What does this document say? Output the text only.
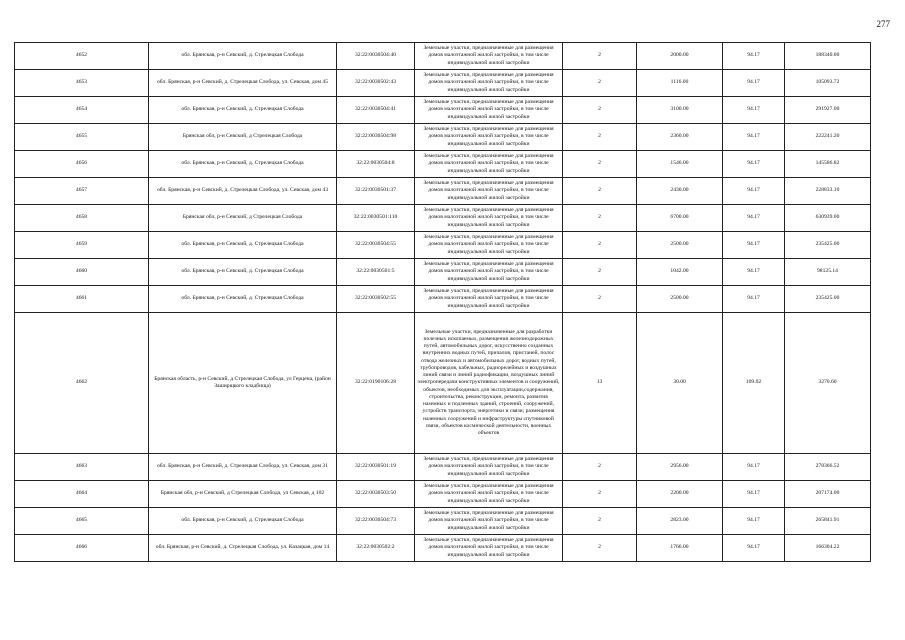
277
4652	обл. Брянская, р-н Севский, д. Стрелецкая Слобода	32:22:0030504:40	Земельные участки, предназначенные для размещения домов малоэтажной жилой застройки, в том числе индивидуальной жилой застройки	2	2000.00	94.17	188340.00
4653	обл. Брянская, р-н Севский, д. Стрелецкая Слобода, ул. Севская, дом 45	32:22:0030502:43	Земельные участки, предназначенные для размещения домов малоэтажной жилой застройки, в том числе индивидуальной жилой застройки	2	1116.00	94.17	105093.72
4654	обл. Брянская, р-н Севский, д. Стрелецкая Слобода	32:22:0030504:41	Земельные участки, предназначенные для размещения домов малоэтажной жилой застройки, в том числе индивидуальной жилой застройки	2	3100.00	94.17	291927.00
4655	Брянская обл, р-н Севский, д Стрелецкая Слобода	32:22:0030504:98	Земельные участки, предназначенные для размещения домов малоэтажной жилой застройки, в том числе индивидуальной жилой застройки	2	2360.00	94.17	222241.20
4656	обл. Брянская, р-н Севский, д. Стрелецкая Слобода	32:22:0030504:8	Земельные участки, предназначенные для размещения домов малоэтажной жилой застройки, в том числе индивидуальной жилой застройки	2	1546.00	94.17	145586.82
4657	обл. Брянская, р-н Севский, д. Стрелецкая Слобода, ул. Севская, дом 43	32:22:0030501:37	Земельные участки, предназначенные для размещения домов малоэтажной жилой застройки, в том числе индивидуальной жилой застройки	2	2430.00	94.17	228833.10
4658	Брянская обл, р-н Севский, д Стрелецкая Слобода	32:22:0030501:110	Земельные участки, предназначенные для размещения домов малоэтажной жилой застройки, в том числе индивидуальной жилой застройки	2	6700.00	94.17	630939.00
4659	обл. Брянская, р-н Севский, д. Стрелецкая Слобода	32:22:0030504:55	Земельные участки, предназначенные для размещения домов малоэтажной жилой застройки, в том числе индивидуальной жилой застройки	2	2500.00	94.17	235425.00
4660	обл. Брянская, р-н Севский, д. Стрелецкая Слобода	32:22:0030501:5	Земельные участки, предназначенные для размещения домов малоэтажной жилой застройки, в том числе индивидуальной жилой застройки	2	1042.00	94.17	98125.14
4661	обл. Брянская, р-н Севский, д. Стрелецкая Слобода	32:22:0030502:55	Земельные участки, предназначенные для размещения домов малоэтажной жилой застройки, в том числе индивидуальной жилой застройки	2	2500.00	94.17	235425.00
4662	Брянская область, р-н Севский, д Стрелецкая Слобода, ул Герцена, (район Заширщкого кладбища)	32:22:0190106:28	Земельные участки, предназначенные для разработки полезных ископаемых, размещения железнодорожных путей, автомобильных дорог, искусственно созданных внутренних водных путей, причалов, пристаней, полос отвода железных и автомобильных дорог, водных путей, трубопроводов, кабельных, радиорелейных и воздушных линий связи и линий радиофикации, воздушных линий электропередачи конструктивных элементов и сооружений, объектов, необходимых для эксплуатации,содержания, строительства, реконструкции, ремонта, развития наземных и подземных зданий, строений, сооружений, устройств транспорта, энергетики и связи; размещения наземных сооружений и инфраструктуры спутниковой связи, объектов космической деятельности, военных объектов	13	30.00	109.02	3270.60
4663	обл. Брянская, р-н Севский, д. Стрелецкая Слобода, ул. Севская, дом 31	32:22:0030501:19	Земельные участки, предназначенные для размещения домов малоэтажной жилой застройки, в том числе индивидуальной жилой застройки	2	2956.00	94.17	278366.52
4664	Брянская обл, р-н Севский, д Стрелецкая Слобода, ул Севская, д 102	32:22:0030503:50	Земельные участки, предназначенные для размещения домов малоэтажной жилой застройки, в том числе индивидуальной жилой застройки	2	2200.00	94.17	207174.00
4665	обл. Брянская, р-н Севский, д. Стрелецкая Слобода	32:22:0030504:73	Земельные участки, предназначенные для размещения домов малоэтажной жилой застройки, в том числе индивидуальной жилой застройки	2	2823.00	94.17	265841.91
4666	обл. Брянская, р-н Севский, д. Стрелецкая Слобода, ул. Казацкая, дом 14	32:22:0030502:2	Земельные участки, предназначенные для размещения домов малоэтажной жилой застройки, в том числе индивидуальной жилой застройки	2	1766.00	94.17	166304.22
